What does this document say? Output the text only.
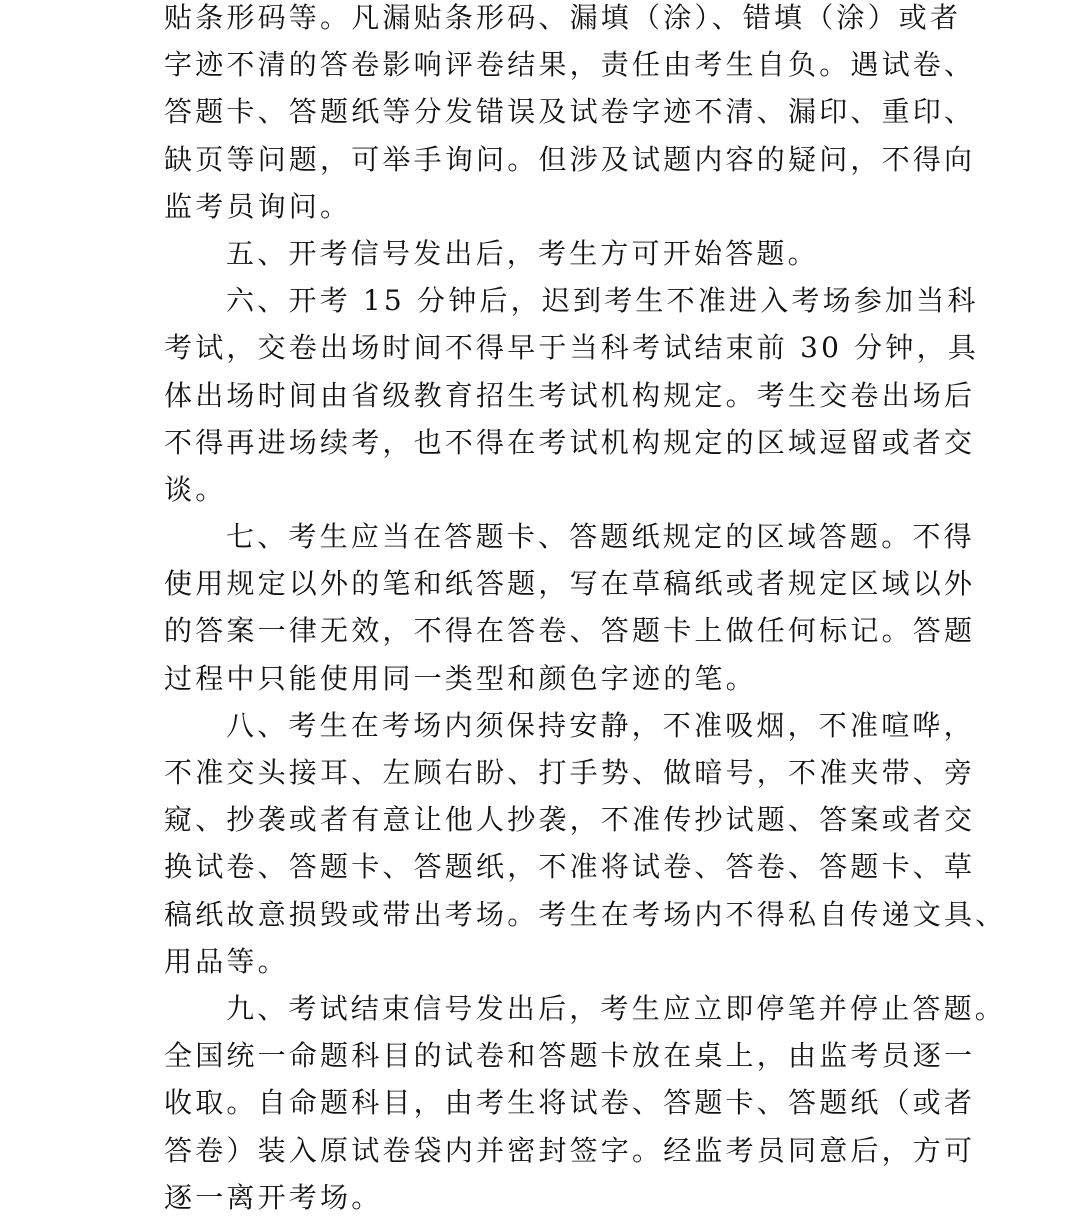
贴条形码等。凡漏贴条形码、漏填（涂）、错填（涂）或者
字迹不清的答卷影响评卷结果，责任由考生自负。遇试卷、
答题卡、答题纸等分发错误及试卷字迹不清、漏印、重印、
缺页等问题，可举手询问。但涉及试题内容的疑问，不得向
监考员询问。
五、开考信号发出后，考生方可开始答题。
六、开考 15 分钟后，迟到考生不准进入考场参加当科
考试，交卷出场时间不得早于当科考试结束前 30 分钟，具
体出场时间由省级教育招生考试机构规定。考生交卷出场后
不得再进场续考，也不得在考试机构规定的区域逗留或者交
谈。
七、考生应当在答题卡、答题纸规定的区域答题。不得
使用规定以外的笔和纸答题，写在草稿纸或者规定区域以外
的答案一律无效，不得在答卷、答题卡上做任何标记。答题
过程中只能使用同一类型和颜色字迹的笔。
八、考生在考场内须保持安静，不准吸烟，不准喧哗，
不准交头接耳、左顾右盼、打手势、做暗号，不准夹带、旁
窥、抄袭或者有意让他人抄袭，不准传抄试题、答案或者交
换试卷、答题卡、答题纸，不准将试卷、答卷、答题卡、草
稿纸故意损毁或带出考场。考生在考场内不得私自传递文具、
用品等。
九、考试结束信号发出后，考生应立即停笔并停止答题。
全国统一命题科目的试卷和答题卡放在桌上，由监考员逐一
收取。自命题科目，由考生将试卷、答题卡、答题纸（或者
答卷）装入原试卷袋内并密封签字。经监考员同意后，方可
逐一离开考场。
